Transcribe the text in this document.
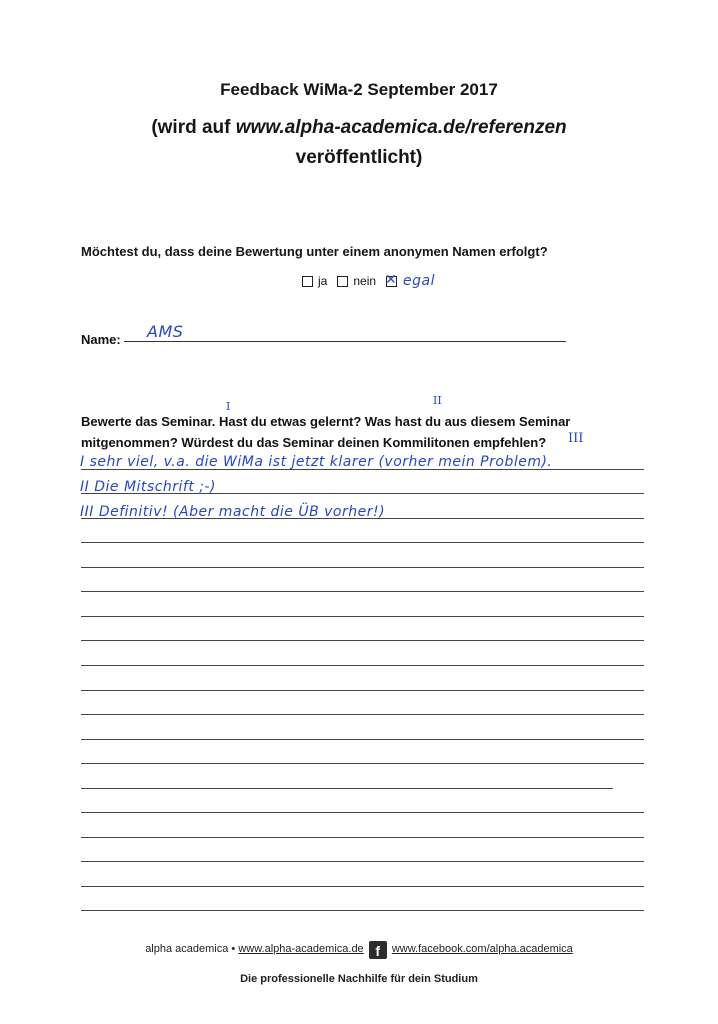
Feedback WiMa-2 September 2017
(wird auf www.alpha-academica.de/referenzen
veröffentlicht)
Möchtest du, dass deine Bewertung unter einem anonymen Namen erfolgt?
ja nein
✕ egal
Name: AMS
I	II
Bewerte das Seminar. Hast du etwas gelernt? Was hast du aus diesem Seminar mitgenommen? Würdest du das Seminar deinen Kommilitonen empfehlen?	III
I sehr viel, v.a. die WiMa ist jetzt klarer (vorher mein Problem).
II Die Mitschrift ;-)
III Definitiv! (Aber macht die ÜB vorher!)
alpha academica • www.alpha-academica.de f www.facebook.com/alpha.academica
Die professionelle Nachhilfe für dein Studium
